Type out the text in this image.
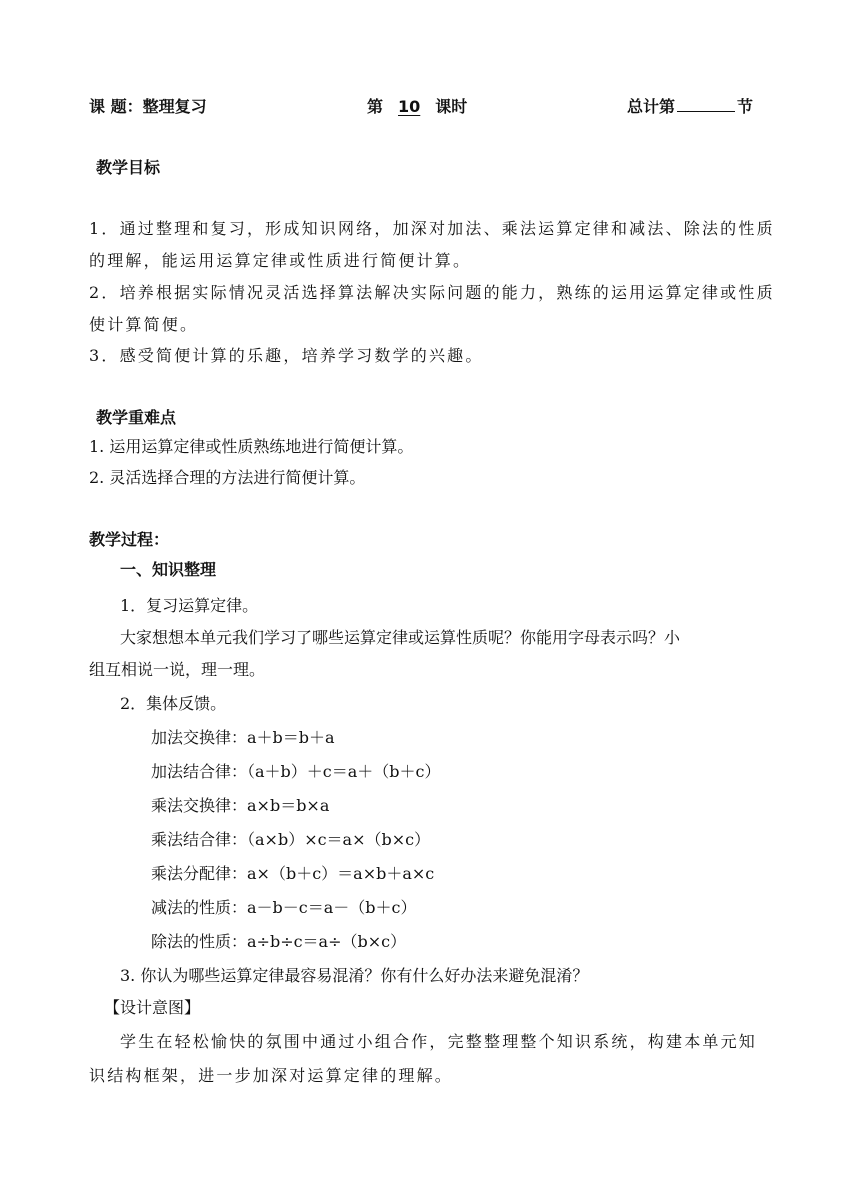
课 题：整理复习	第 10 课时	总计第	节
教学目标
1．通过整理和复习，形成知识网络，加深对加法、乘法运算定律和减法、除法的性质
的理解，能运用运算定律或性质进行简便计算。
2．培养根据实际情况灵活选择算法解决实际问题的能力，熟练的运用运算定律或性质
使计算简便。
3．感受简便计算的乐趣，培养学习数学的兴趣。
教学重难点
1. 运用运算定律或性质熟练地进行简便计算。
2. 灵活选择合理的方法进行简便计算。
教学过程：
一、知识整理
1．复习运算定律。
大家想想本单元我们学习了哪些运算定律或运算性质呢？你能用字母表示吗？小
组互相说一说，理一理。
2．集体反馈。
加法交换律：a＋b＝b＋a
加法结合律：（a＋b）＋c＝a＋（b＋c）
乘法交换律：a×b＝b×a
乘法结合律：（a×b）×c＝a×（b×c）
乘法分配律：a×（b＋c）＝a×b＋a×c
减法的性质：a－b－c＝a－（b＋c）
除法的性质：a÷b÷c＝a÷（b×c）
3. 你认为哪些运算定律最容易混淆？你有什么好办法来避免混淆？
【设计意图】
学生在轻松愉快的氛围中通过小组合作，完整整理整个知识系统，构建本单元知
识结构框架，进一步加深对运算定律的理解。
